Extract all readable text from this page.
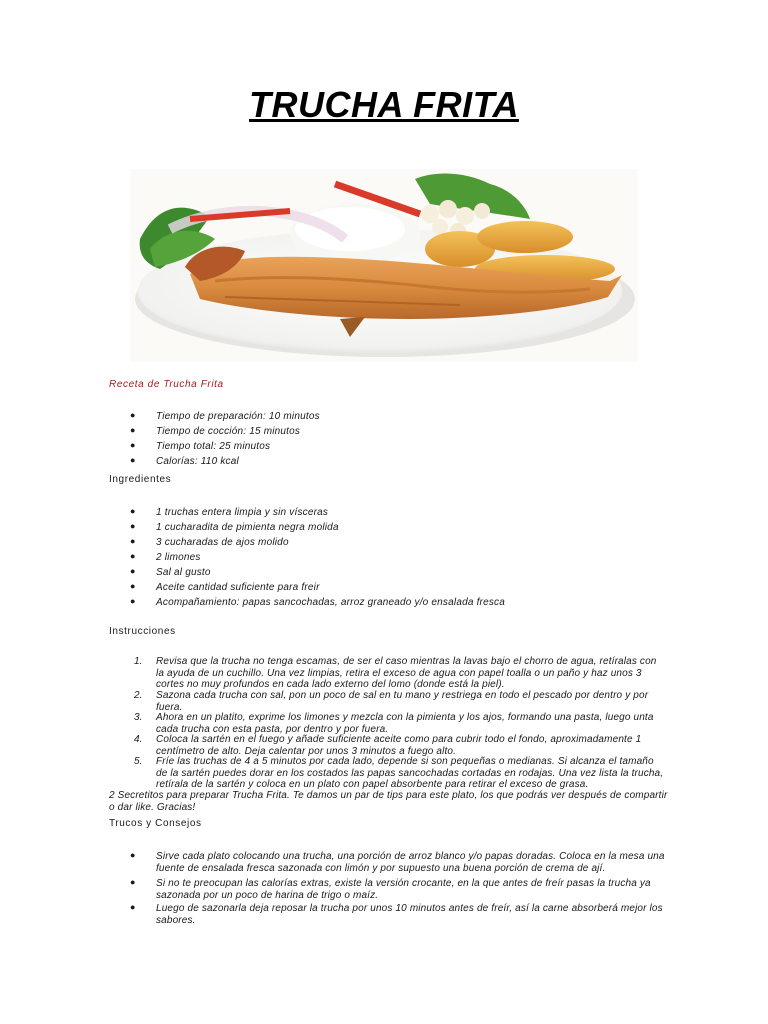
TRUCHA FRITA
Receta de Trucha Frita
● Tiempo de preparación: 10 minutos
● Tiempo de cocción: 15 minutos
● Tiempo total: 25 minutos
● Calorías: 110 kcal
Ingredientes
● 1 truchas entera limpia y sin vísceras
● 1 cucharadita de pimienta negra molida
● 3 cucharadas de ajos molido
● 2 limones
● Sal al gusto
● Aceite cantidad suficiente para freir
● Acompañamiento: papas sancochadas, arroz graneado y/o ensalada fresca
Instrucciones
1. Revisa que la trucha no tenga escamas, de ser el caso mientras la lavas bajo el chorro de agua, retíralas con la ayuda de un cuchillo. Una vez limpias, retira el exceso de agua con papel toalla o un paño y haz unos 3 cortes no muy profundos en cada lado externo del lomo (donde está la piel).
2. Sazona cada trucha con sal, pon un poco de sal en tu mano y restriega en todo el pescado por dentro y por fuera.
3. Ahora en un platito, exprime los limones y mezcla con la pimienta y los ajos, formando una pasta, luego unta cada trucha con esta pasta, por dentro y por fuera.
4. Coloca la sartén en el fuego y añade suficiente aceite como para cubrir todo el fondo, aproximadamente 1 centímetro de alto. Deja calentar por unos 3 minutos a fuego alto.
5. Fríe las truchas de 4 a 5 minutos por cada lado, depende si son pequeñas o medianas. Si alcanza el tamaño de la sartén puedes dorar en los costados las papas sancochadas cortadas en rodajas. Una vez lista la trucha, retírala de la sartén y coloca en un plato con papel absorbente para retirar el exceso de grasa.
2 Secretitos para preparar Trucha Frita. Te damos un par de tips para este plato, los que podrás ver después de compartir o dar like. Gracias!
Trucos y Consejos
● Sirve cada plato colocando una trucha, una porción de arroz blanco y/o papas doradas. Coloca en la mesa una fuente de ensalada fresca sazonada con limón y por supuesto una buena porción de crema de ají.
● Si no te preocupan las calorías extras, existe la versión crocante, en la que antes de freír pasas la trucha ya sazonada por un poco de harina de trigo o maíz.
● Luego de sazonarla deja reposar la trucha por unos 10 minutos antes de freír, así la carne absorberá mejor los sabores.
